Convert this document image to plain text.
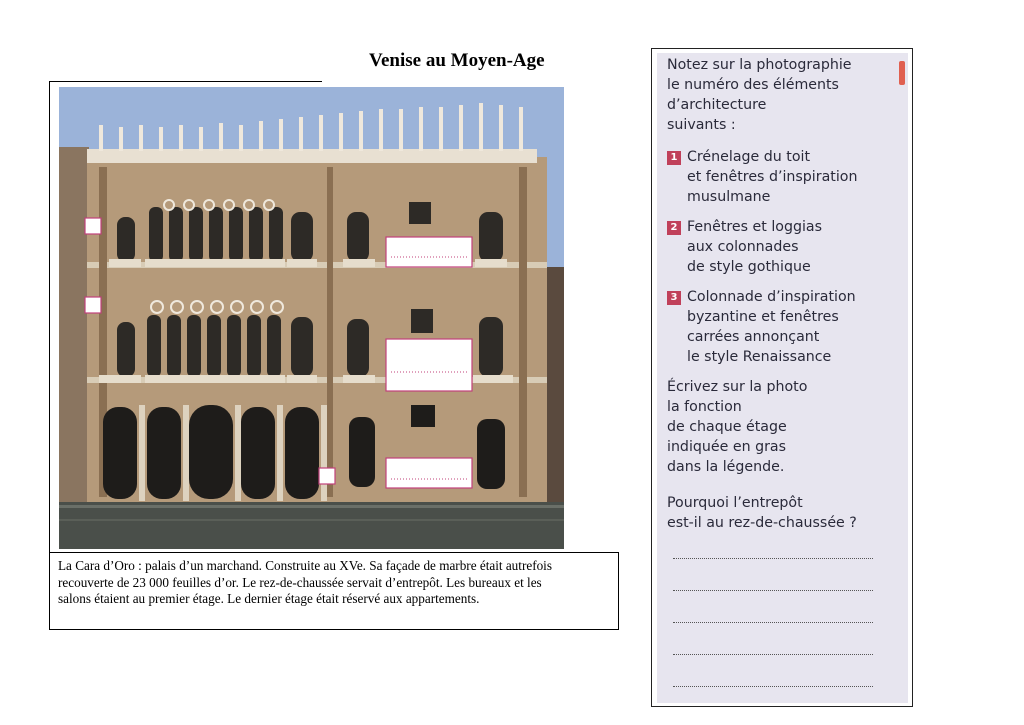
Venise au Moyen-Age
La Cara d’Oro : palais d’un marchand. Construite au XVe. Sa façade de marbre était autrefois
recouverte de 23 000 feuilles d’or. Le rez-de-chaussée servait d’entrepôt. Les bureaux et les
salons étaient au premier étage. Le dernier étage était réservé aux appartements.
Notez sur la photographie
le numéro des éléments
d’architecture
suivants :
1 Crénelage du toit
et fenêtres d’inspiration
musulmane
2 Fenêtres et loggias
aux colonnades
de style gothique
3 Colonnade d’inspiration
byzantine et fenêtres
carrées annonçant
le style Renaissance
Écrivez sur la photo
la fonction
de chaque étage
indiquée en gras
dans la légende.
Pourquoi l’entrepôt
est-il au rez-de-chaussée ?
